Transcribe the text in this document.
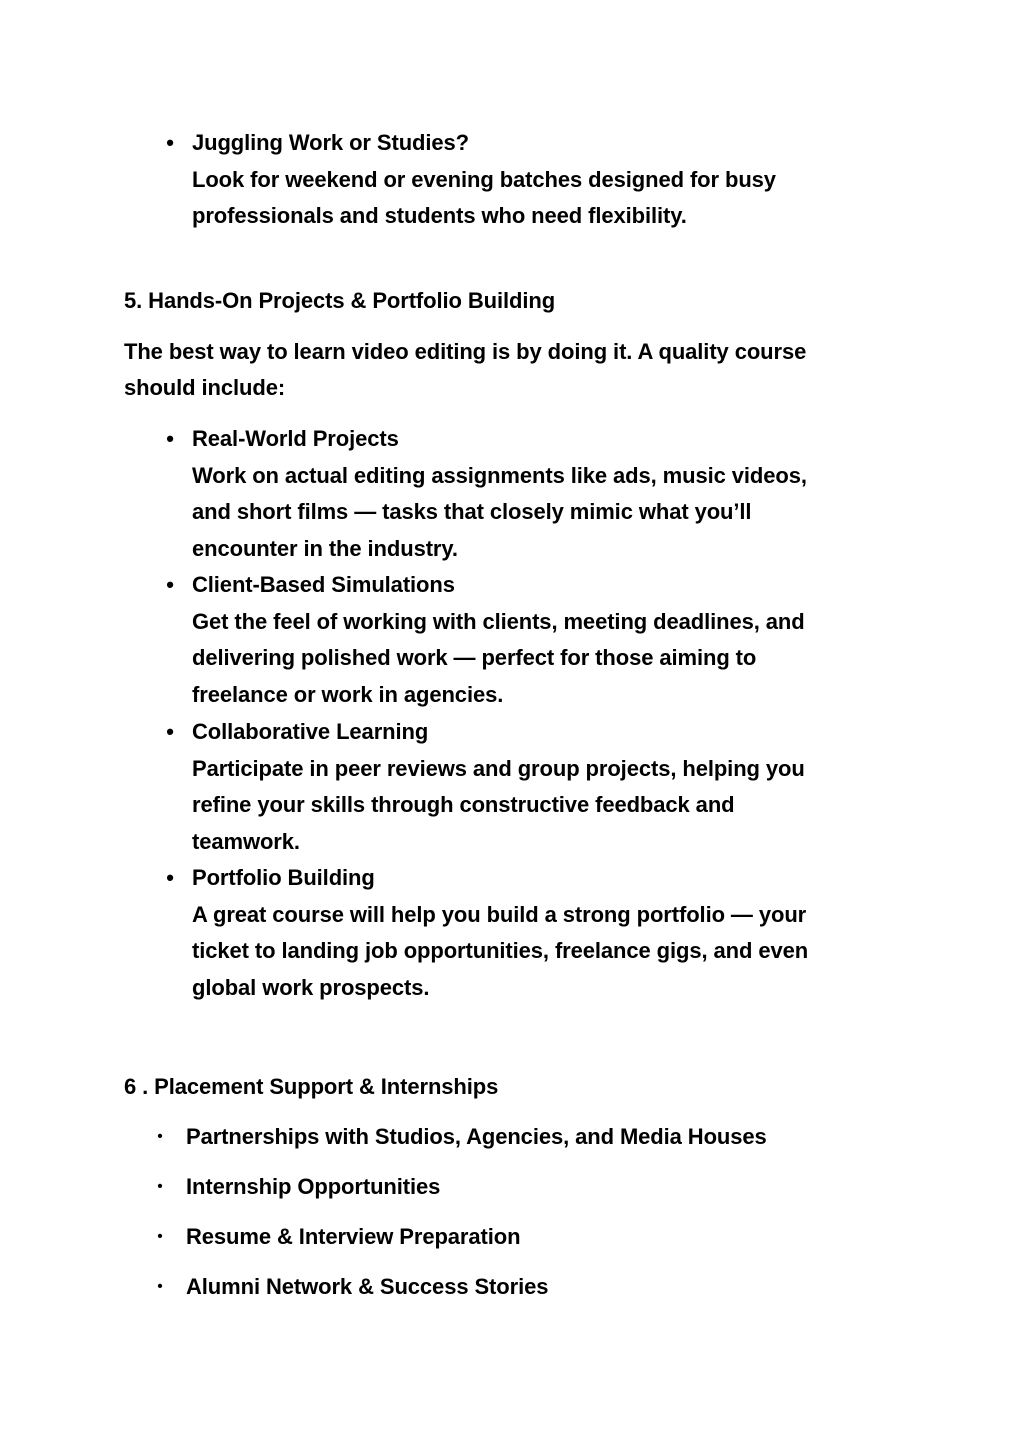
• Juggling Work or Studies?
Look for weekend or evening batches designed for busy
professionals and students who need flexibility.
5. Hands-On Projects & Portfolio Building
The best way to learn video editing is by doing it. A quality course
should include:
• Real-World Projects
Work on actual editing assignments like ads, music videos,
and short films — tasks that closely mimic what you’ll
encounter in the industry.
• Client-Based Simulations
Get the feel of working with clients, meeting deadlines, and
delivering polished work — perfect for those aiming to
freelance or work in agencies.
• Collaborative Learning
Participate in peer reviews and group projects, helping you
refine your skills through constructive feedback and
teamwork.
• Portfolio Building
A great course will help you build a strong portfolio — your
ticket to landing job opportunities, freelance gigs, and even
global work prospects.
6 . Placement Support & Internships
• Partnerships with Studios, Agencies, and Media Houses
• Internship Opportunities
• Resume & Interview Preparation
• Alumni Network & Success Stories
